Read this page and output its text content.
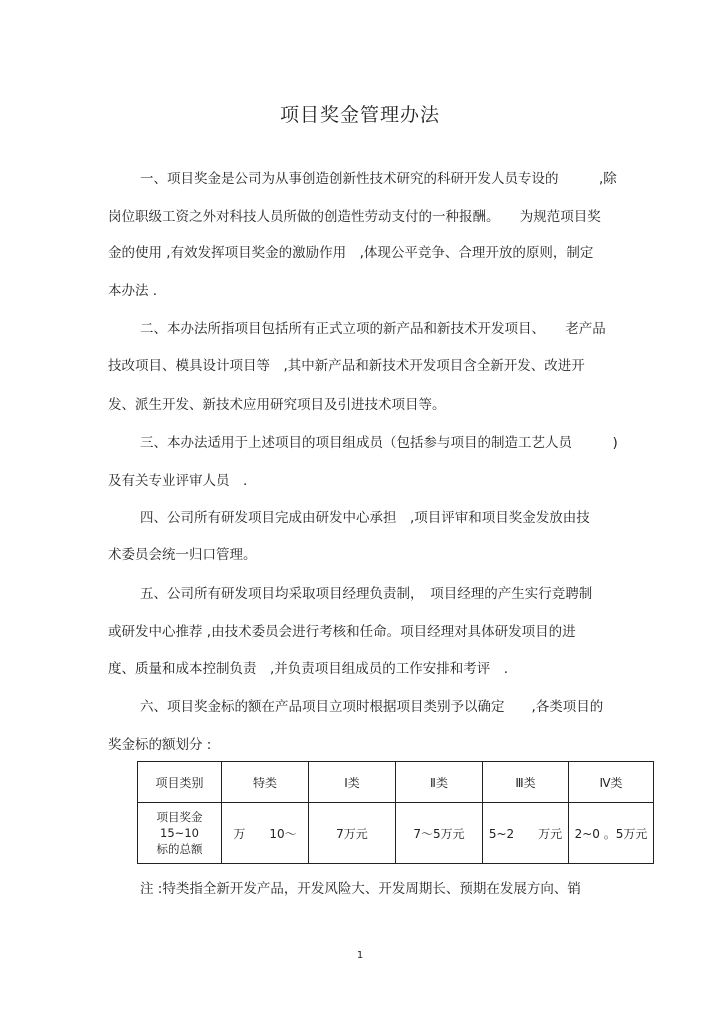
项目奖金管理办法
一、项目奖金是公司为从事创造创新性技术研究的科研开发人员专设的　　　,除
岗位职级工资之外对科技人员所做的创造性劳动支付的一种报酬。　　为规范项目奖
金的使用 ,有效发挥项目奖金的激励作用　,体现公平竞争、合理开放的原则，制定
本办法 .
二、本办法所指项目包括所有正式立项的新产品和新技术开发项目、　　老产品
技改项目、模具设计项目等　,其中新产品和新技术开发项目含全新开发、改进开
发、派生开发、新技术应用研究项目及引进技术项目等。
三、本办法适用于上述项目的项目组成员（包括参与项目的制造工艺人员　　　)
及有关专业评审人员　.
四、公司所有研发项目完成由研发中心承担　,项目评审和项目奖金发放由技
术委员会统一归口管理。
五、公司所有研发项目均采取项目经理负责制，　项目经理的产生实行竞聘制
或研发中心推荐 ,由技术委员会进行考核和任命。项目经理对具体研发项目的进
度、质量和成本控制负责　,并负责项目组成员的工作安排和考评　.
六、项目奖金标的额在产品项目立项时根据项目类别予以确定　　,各类项目的
奖金标的额划分 :
项目类别	特类	Ⅰ类	Ⅱ类	Ⅲ类	Ⅳ类

项目奖金
15~10
标的总额	万　　10～	7万元	7～5万元	5~2　　万元	2~0 。5万元
注 :特类指全新开发产品，开发风险大、开发周期长、预期在发展方向、销
1
